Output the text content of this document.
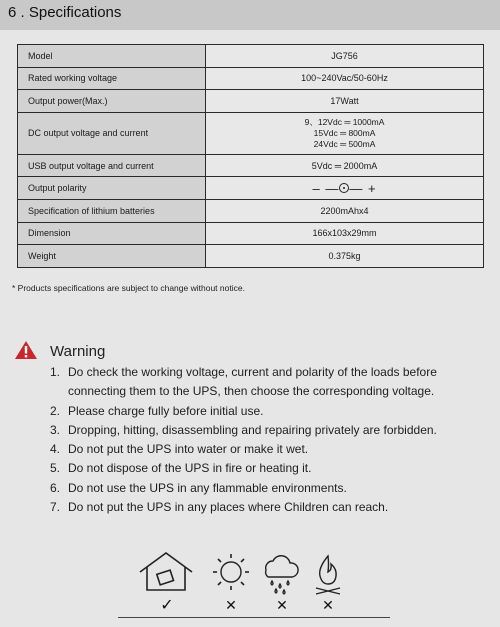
6 . Specifications
Model	JG756
Rated working voltage	100~240Vac/50-60Hz
Output power(Max.)	17Watt
DC output voltage and current	9、12Vdc ═ 1000mA
15Vdc ═ 800mA
24Vdc ═ 500mA

USB output voltage and current	5Vdc ═ 2000mA
Output polarity	– — — +
Specification of lithium batteries	2200mAhx4
Dimension	166x103x29mm
Weight	0.375kg
* Products specifications are subject to change without notice.
Warning
1. Do check the working voltage, current and polarity of the loads before connecting them to the UPS, then choose the corresponding voltage.
2. Please charge fully before initial use.
3. Dropping, hitting, disassembling and repairing privately are forbidden.
4. Do not put the UPS into water or make it wet.
5. Do not dispose of the UPS in fire or heating it.
6. Do not use the UPS in any flammable environments.
7. Do not put the UPS in any places where Children can reach.
✓	✕	✕ ✕
